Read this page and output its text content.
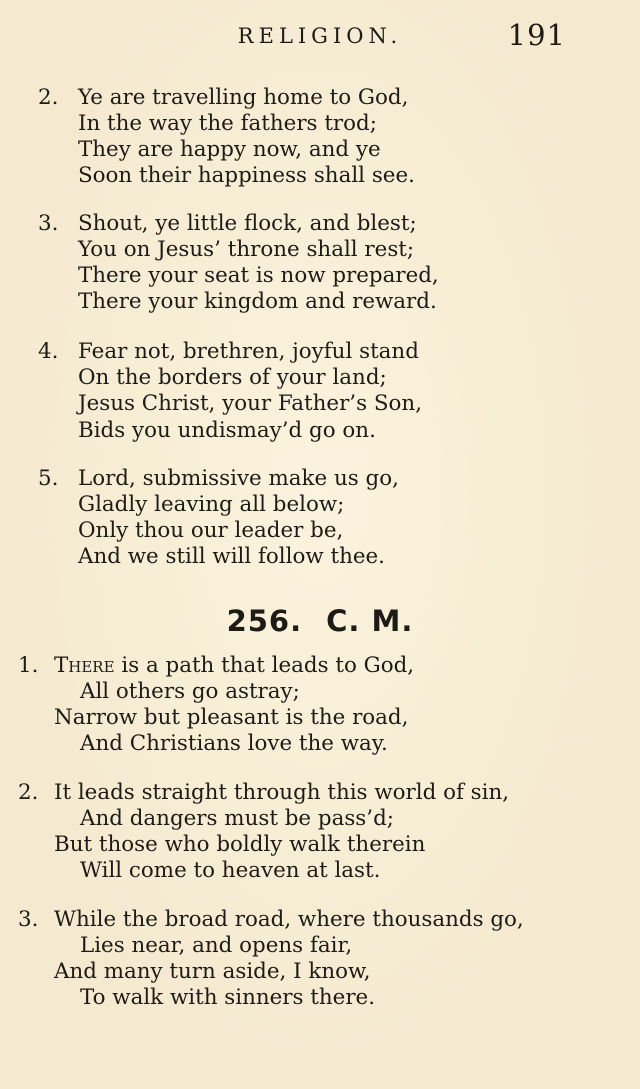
RELIGION.	191
2. Ye are travelling home to God,
In the way the fathers trod;
They are happy now, and ye
Soon their happiness shall see.
3. Shout, ye little flock, and blest;
You on Jesus’ throne shall rest;
There your seat is now prepared,
There your kingdom and reward.
4. Fear not, brethren, joyful stand
On the borders of your land;
Jesus Christ, your Father’s Son,
Bids you undismay’d go on.
5. Lord, submissive make us go,
Gladly leaving all below;
Only thou our leader be,
And we still will follow thee.
256. C. M.
1. There is a path that leads to God,
All others go astray;
Narrow but pleasant is the road,
And Christians love the way.
2. It leads straight through this world of sin,
And dangers must be pass’d;
But those who boldly walk therein
Will come to heaven at last.
3. While the broad road, where thousands go,
Lies near, and opens fair,
And many turn aside, I know,
To walk with sinners there.
